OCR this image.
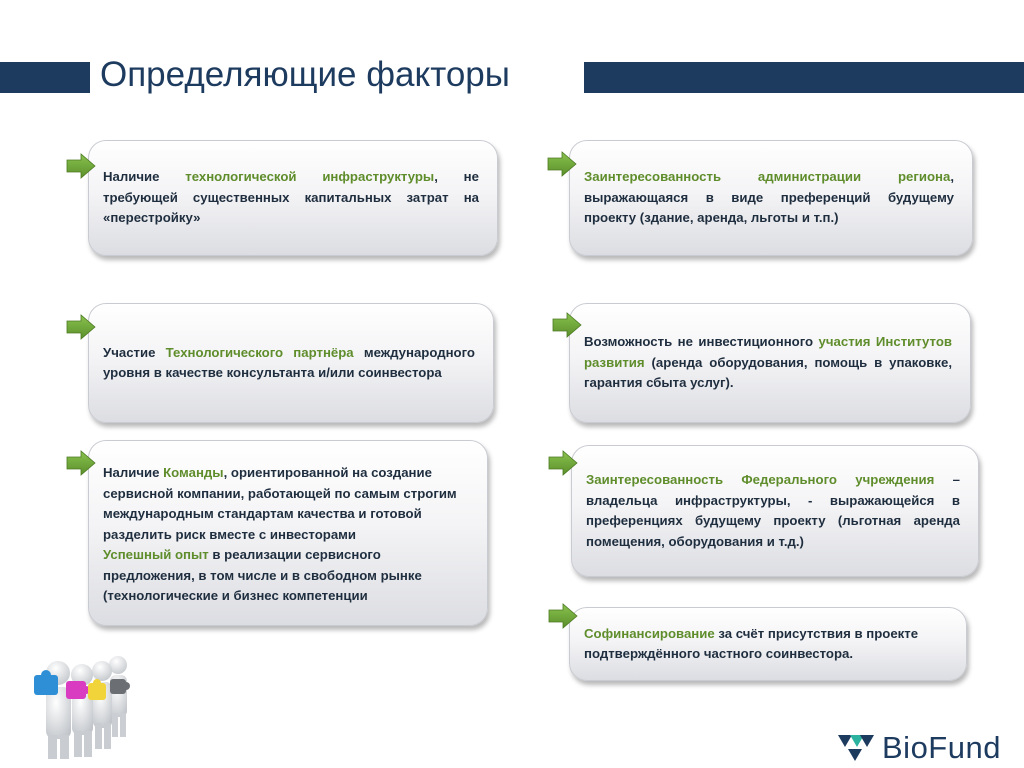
Определяющие факторы

Наличие технологической инфраструктуры, не требующей существенных капитальных затрат на «перестройку»

Заинтересованность администрации региона, выражающаяся в виде преференций будущему проекту (здание, аренда, льготы и т.п.)

Участие Технологического партнёра международного уровня в качестве консультанта и/или соинвестора

Возможность не инвестиционного участия Институтов развития (аренда оборудования, помощь в упаковке, гарантия сбыта услуг).

Наличие Команды, ориентированной на создание сервисной компании, работающей по самым строгим международным стандартам качества и готовой разделить риск вместе с инвесторами
Успешный опыт в реализации сервисного предложения, в том числе и в свободном рынке (технологические и бизнес компетенции

Заинтересованность Федерального учреждения – владельца инфраструктуры, - выражающейся в преференциях будущему проекту (льготная аренда помещения, оборудования и т.д.)

Софинансирование за счёт присутствия в проекте подтверждённого частного соинвестора.

BioFund
